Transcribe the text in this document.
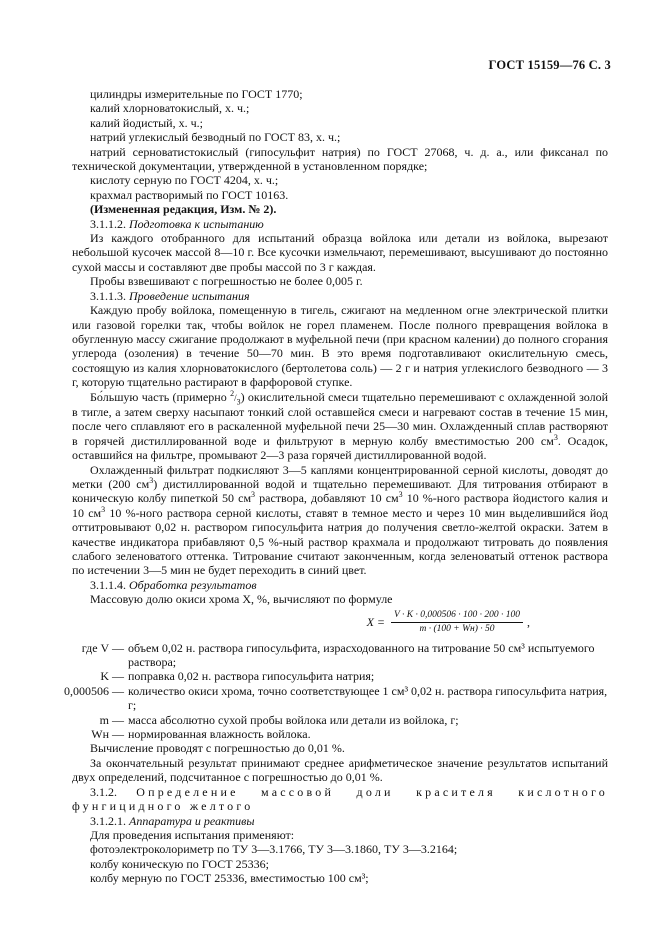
ГОСТ 15159—76 С. 3

цилиндры измерительные по ГОСТ 1770;

калий хлорноватокислый, х. ч.;

калий йодистый, х. ч.;

натрий углекислый безводный по ГОСТ 83, х. ч.;

натрий серноватистокислый (гипосульфит натрия) по ГОСТ 27068, ч. д. а., или фиксанал по технической документации, утвержденной в установленном порядке;

кислоту серную по ГОСТ 4204, х. ч.;

крахмал растворимый по ГОСТ 10163.

(Измененная редакция, Изм. № 2).

3.1.1.2. Подготовка к испытанию

Из каждого отобранного для испытаний образца войлока или детали из войлока, вырезают небольшой кусочек массой 8—10 г. Все кусочки измельчают, перемешивают, высушивают до постоянно сухой массы и составляют две пробы массой по 3 г каждая.

Пробы взвешивают с погрешностью не более 0,005 г.

3.1.1.3. Проведение испытания

Каждую пробу войлока, помещенную в тигель, сжигают на медленном огне электрической плитки или газовой горелки так, чтобы войлок не горел пламенем. После полного превращения войлока в обугленную массу сжигание продолжают в муфельной печи (при красном калении) до полного сгорания углерода (озоления) в течение 50—70 мин. В это время подготавливают окислительную смесь, состоящую из калия хлорноватокислого (бертолетова соль) — 2 г и натрия углекислого безводного — 3 г, которую тщательно растирают в фарфоровой ступке.

Бо́льшую часть (примерно $^2/_3$) окислительной смеси тщательно перемешивают с охлажденной золой в тигле, а затем сверху насыпают тонкий слой оставшейся смеси и нагревают состав в течение 15 мин, после чего сплавляют его в раскаленной муфельной печи 25—30 мин. Охлажденный сплав растворяют в горячей дистиллированной воде и фильтруют в мерную колбу вместимостью 200 $см^3$. Осадок, оставшийся на фильтре, промывают 2—3 раза горячей дистиллированной водой.

Охлажденный фильтрат подкисляют 3—5 каплями концентрированной серной кислоты, доводят до метки (200 $см^3$) дистиллированной водой и тщательно перемешивают. Для титрования отбирают в коническую колбу пипеткой 50 $см^3$ раствора, добавляют 10 $см^3$ 10 %-ного раствора йодистого калия и 10 $см^3$ 10 %-ного раствора серной кислоты, ставят в темное место и через 10 мин выделившийся йод оттитровывают 0,02 н. раствором гипосульфита натрия до получения светло-желтой окраски. Затем в качестве индикатора прибавляют 0,5 %-ный раствор крахмала и продолжают титровать до появления слабого зеленоватого оттенка. Титрование считают законченным, когда зеленоватый оттенок раствора по истечении 3—5 мин не будет переходить в синий цвет.

3.1.1.4. Обработка результатов

Массовую долю окиси хрома X, %, вычисляют по формуле

$X = \frac{V \cdot K \cdot 0,000506 \cdot 100 \cdot 200 \cdot 100}{m \cdot (100 + Wн) \cdot 50}$ ,
где V — объем 0,02 н. раствора гипосульфита, израсходованного на титрование 50 см³ испытуемого раствора;
K — поправка 0,02 н. раствора гипосульфита натрия;
0,000506 — количество окиси хрома, точно соответствующее 1 см³ 0,02 н. раствора гипосульфита натрия, г;
m — масса абсолютно сухой пробы войлока или детали из войлока, г;
Wн — нормированная влажность войлока.

Вычисление проводят с погрешностью до 0,01 %.

За окончательный результат принимают среднее арифметическое значение результатов испытаний двух определений, подсчитанное с погрешностью до 0,01 %.

3.1.2. Определение массовой доли красителя кислотного фунгицидного желтого

3.1.2.1. Аппаратура и реактивы

Для проведения испытания применяют:

фотоэлектроколориметр по ТУ 3—3.1766, ТУ 3—3.1860, ТУ 3—3.2164;

колбу коническую по ГОСТ 25336;

колбу мерную по ГОСТ 25336, вместимостью 100 см³;
